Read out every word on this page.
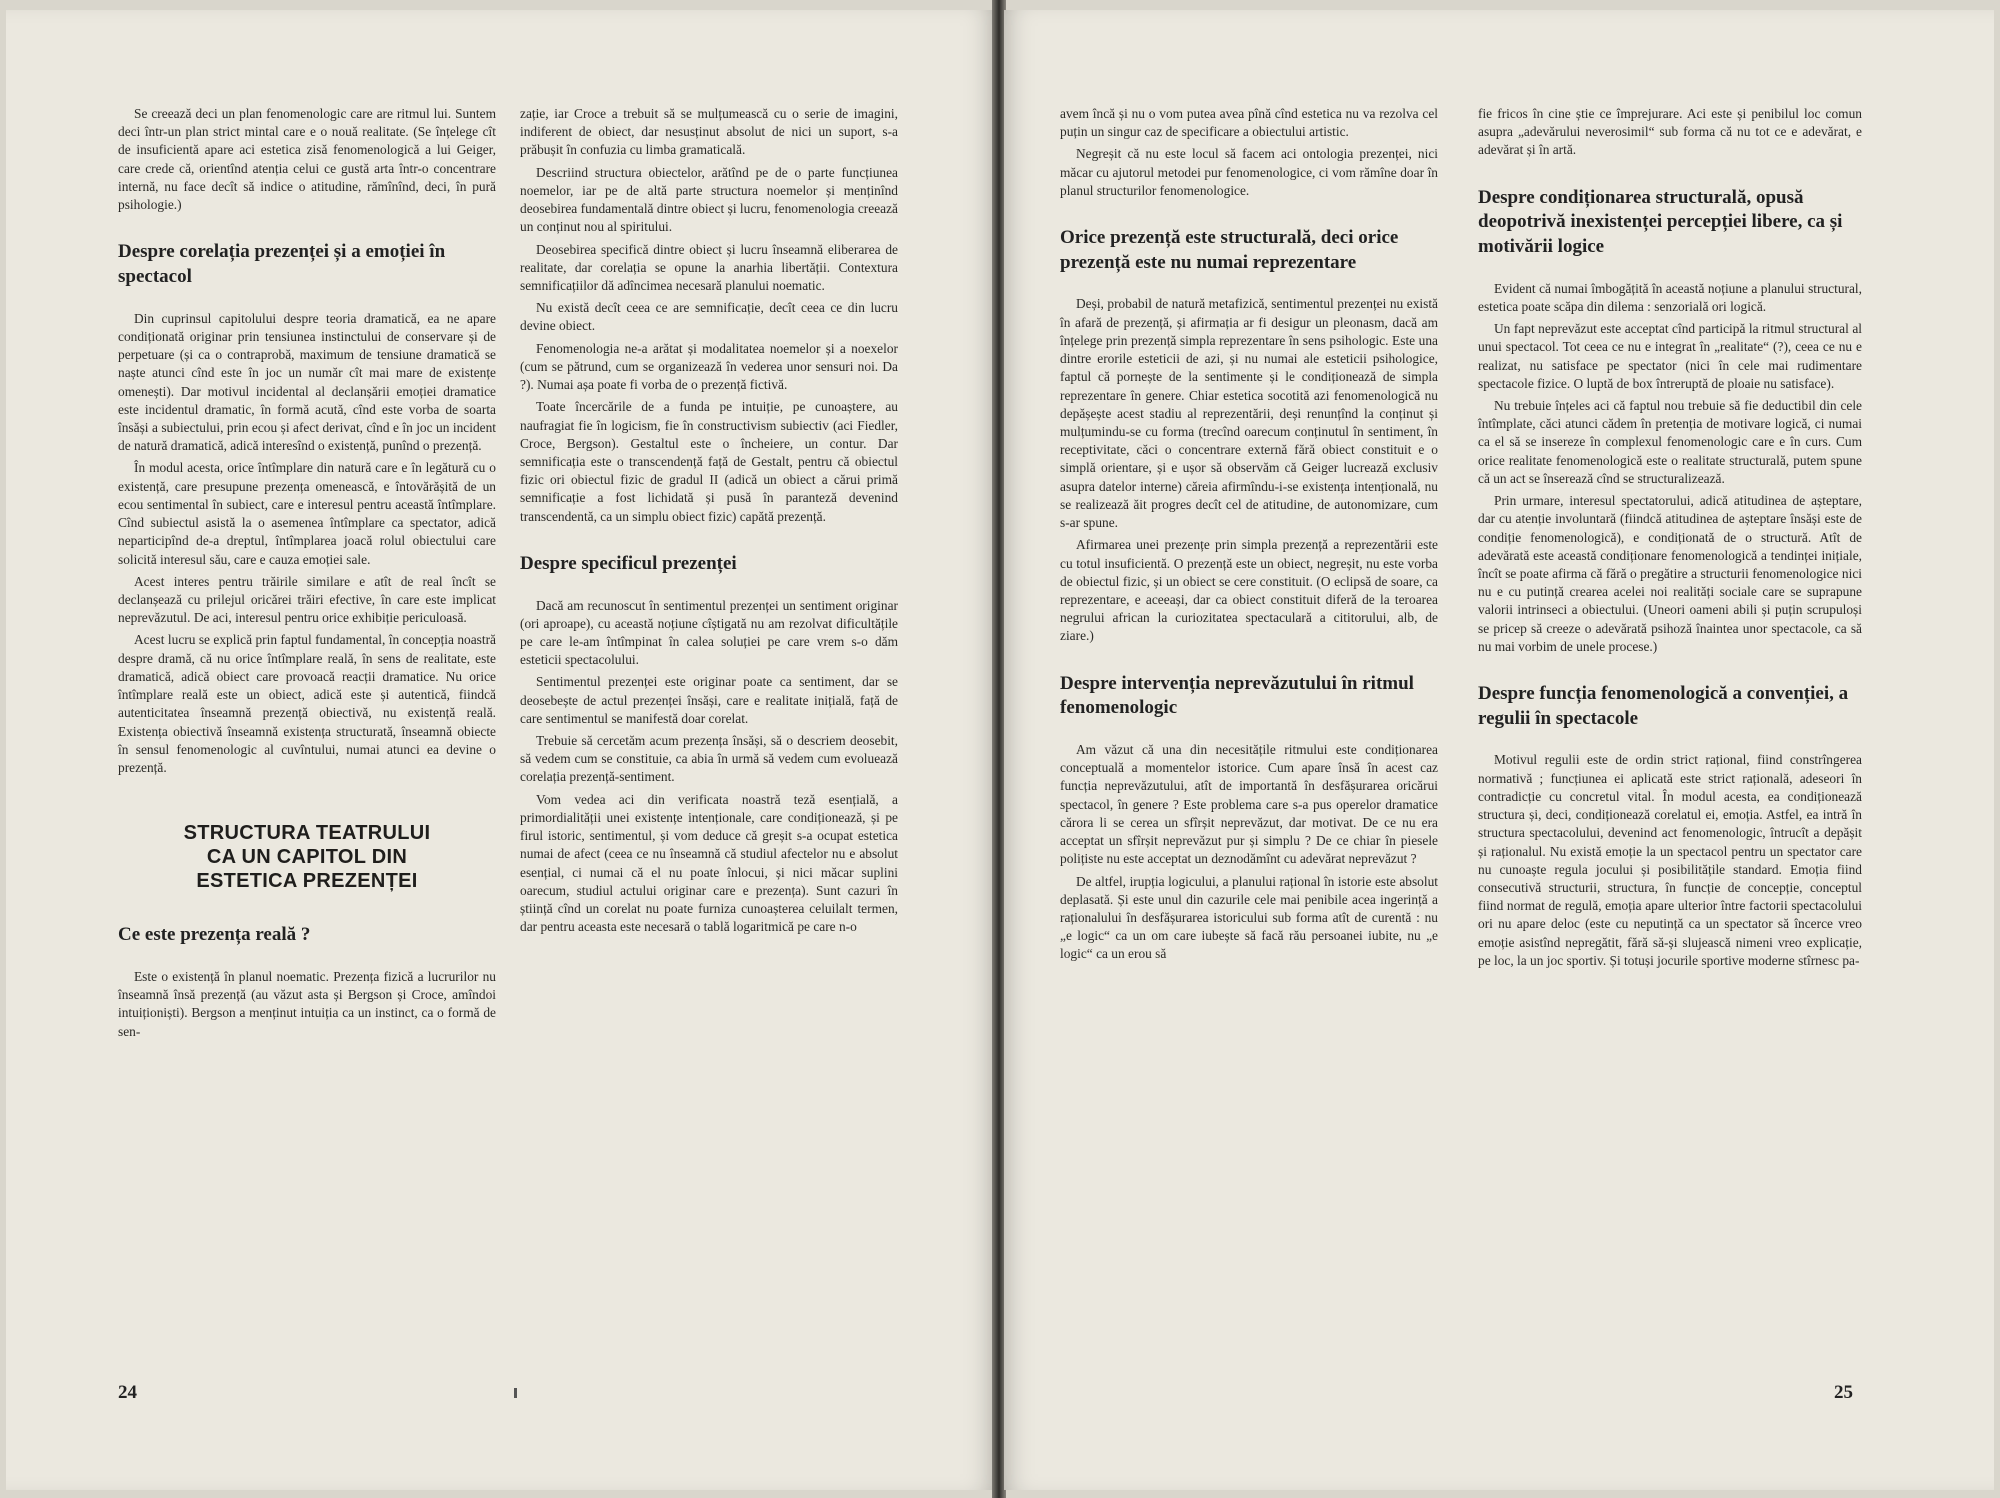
Se creează deci un plan fenomenologic care are ritmul lui. Suntem deci într-un plan strict mintal care e o nouă realitate. (Se înțelege cît de insuficientă apare aci estetica zisă fenomenologică a lui Geiger, care crede că, orientînd atenția celui ce gustă arta într-o concentrare internă, nu face decît să indice o atitudine, rămînînd, deci, în pură psihologie.)

Despre corelația prezenței și a emoției în spectacol

Din cuprinsul capitolului despre teoria dramatică, ea ne apare condiționată originar prin tensiunea instinctului de conservare și de perpetuare (și ca o contraprobă, maximum de tensiune dramatică se naște atunci cînd este în joc un număr cît mai mare de existențe omenești). Dar motivul incidental al declanșării emoției dramatice este incidentul dramatic, în formă acută, cînd este vorba de soarta însăși a subiectului, prin ecou și afect derivat, cînd e în joc un incident de natură dramatică, adică interesînd o existență, punînd o prezență.

În modul acesta, orice întîmplare din natură care e în legătură cu o existență, care presupune prezența omenească, e întovărășită de un ecou sentimental în subiect, care e interesul pentru această întîmplare. Cînd subiectul asistă la o asemenea întîmplare ca spectator, adică neparticipînd de-a dreptul, întîmplarea joacă rolul obiectului care solicită interesul său, care e cauza emoției sale.

Acest interes pentru trăirile similare e atît de real încît se declanșează cu prilejul oricărei trăiri efective, în care este implicat neprevăzutul. De aci, interesul pentru orice exhibiție periculoasă.

Acest lucru se explică prin faptul fundamental, în concepția noastră despre dramă, că nu orice întîmplare reală, în sens de realitate, este dramatică, adică obiect care provoacă reacții dramatice. Nu orice întîmplare reală este un obiect, adică este și autentică, fiindcă autenticitatea înseamnă prezență obiectivă, nu existență reală. Existența obiectivă înseamnă existența structurată, înseamnă obiecte în sensul fenomenologic al cuvîntului, numai atunci ea devine o prezență.

STRUCTURA TEATRULUI
CA UN CAPITOL DIN
ESTETICA PREZENȚEI
Ce este prezența reală ?

Este o existență în planul noematic. Prezența fizică a lucrurilor nu înseamnă însă prezență (au văzut asta și Bergson și Croce, amîndoi intuiționiști). Bergson a menținut intuiția ca un instinct, ca o formă de sen-

zație, iar Croce a trebuit să se mulțumească cu o serie de imagini, indiferent de obiect, dar nesusținut absolut de nici un suport, s-a prăbușit în confuzia cu limba gramaticală.

Descriind structura obiectelor, arătînd pe de o parte funcțiunea noemelor, iar pe de altă parte structura noemelor și menținînd deosebirea fundamentală dintre obiect și lucru, fenomenologia creează un conținut nou al spiritului.

Deosebirea specifică dintre obiect și lucru înseamnă eliberarea de realitate, dar corelația se opune la anarhia libertății. Contextura semnificațiilor dă adîncimea necesară planului noematic.

Nu există decît ceea ce are semnificație, decît ceea ce din lucru devine obiect.

Fenomenologia ne-a arătat și modalitatea noemelor și a noexelor (cum se pătrund, cum se organizează în vederea unor sensuri noi. Da ?). Numai așa poate fi vorba de o prezență fictivă.

Toate încercările de a funda pe intuiție, pe cunoaștere, au naufragiat fie în logicism, fie în constructivism subiectiv (aci Fiedler, Croce, Bergson). Gestaltul este o încheiere, un contur. Dar semnificația este o transcendență față de Gestalt, pentru că obiectul fizic ori obiectul fizic de gradul II (adică un obiect a cărui primă semnificație a fost lichidată și pusă în paranteză devenind transcendentă, ca un simplu obiect fizic) capătă prezență.

Despre specificul prezenței

Dacă am recunoscut în sentimentul prezenței un sentiment originar (ori aproape), cu această noțiune cîștigată nu am rezolvat dificultățile pe care le-am întîmpinat în calea soluției pe care vrem s-o dăm esteticii spectacolului.

Sentimentul prezenței este originar poate ca sentiment, dar se deosebește de actul prezenței însăși, care e realitate inițială, față de care sentimentul se manifestă doar corelat.

Trebuie să cercetăm acum prezența însăși, să o descriem deosebit, să vedem cum se constituie, ca abia în urmă să vedem cum evoluează corelația prezență-sentiment.

Vom vedea aci din verificata noastră teză esențială, a primordialității unei existențe intenționale, care condiționează, și pe firul istoric, sentimentul, și vom deduce că greșit s-a ocupat estetica numai de afect (ceea ce nu înseamnă că studiul afectelor nu e absolut esențial, ci numai că el nu poate înlocui, și nici măcar suplini oarecum, studiul actului originar care e prezența). Sunt cazuri în știință cînd un corelat nu poate furniza cunoașterea celuilalt termen, dar pentru aceasta este necesară o tablă logaritmică pe care n-o

24

avem încă și nu o vom putea avea pînă cînd estetica nu va rezolva cel puțin un singur caz de specificare a obiectului artistic.

Negreșit că nu este locul să facem aci ontologia prezenței, nici măcar cu ajutorul metodei pur fenomenologice, ci vom rămîne doar în planul structurilor fenomenologice.

Orice prezență este structurală, deci orice prezență este nu numai reprezentare

Deși, probabil de natură metafizică, sentimentul prezenței nu există în afară de prezență, și afirmația ar fi desigur un pleonasm, dacă am înțelege prin prezență simpla reprezentare în sens psihologic. Este una dintre erorile esteticii de azi, și nu numai ale esteticii psihologice, faptul că pornește de la sentimente și le condiționează de simpla reprezentare în genere. Chiar estetica socotită azi fenomenologică nu depășește acest stadiu al reprezentării, deși renunțînd la conținut și mulțumindu-se cu forma (trecînd oarecum conținutul în sentiment, în receptivitate, căci o concentrare externă fără obiect constituit e o simplă orientare, și e ușor să observăm că Geiger lucrează exclusiv asupra datelor interne) căreia afirmîndu-i-se existența intențională, nu se realizează ăit progres decît cel de atitudine, de autonomizare, cum s-ar spune.

Afirmarea unei prezențe prin simpla prezență a reprezentării este cu totul insuficientă. O prezență este un obiect, negreșit, nu este vorba de obiectul fizic, și un obiect se cere constituit. (O eclipsă de soare, ca reprezentare, e aceeași, dar ca obiect constituit diferă de la teroarea negrului african la curiozitatea spectaculară a cititorului, alb, de ziare.)

Despre intervenția neprevăzutului în ritmul fenomenologic

Am văzut că una din necesitățile ritmului este condiționarea conceptuală a momentelor istorice. Cum apare însă în acest caz funcția neprevăzutului, atît de importantă în desfășurarea oricărui spectacol, în genere ? Este problema care s-a pus operelor dramatice cărora li se cerea un sfîrșit neprevăzut, dar motivat. De ce nu era acceptat un sfîrșit neprevăzut pur și simplu ? De ce chiar în piesele polițiste nu este acceptat un deznodămînt cu adevărat neprevăzut ?

De altfel, irupția logicului, a planului rațional în istorie este absolut deplasată. Și este unul din cazurile cele mai penibile acea ingerință a raționalului în desfășurarea istoricului sub forma atît de curentă : nu „e logic“ ca un om care iubește să facă rău persoanei iubite, nu „e logic“ ca un erou să

fie fricos în cine știe ce împrejurare. Aci este și penibilul loc comun asupra „adevărului neverosimil“ sub forma că nu tot ce e adevărat, e adevărat și în artă.

Despre condiționarea structurală, opusă deopotrivă inexistenței percepției libere, ca și motivării logice

Evident că numai îmbogățită în această noțiune a planului structural, estetica poate scăpa din dilema : senzorială ori logică.

Un fapt neprevăzut este acceptat cînd participă la ritmul structural al unui spectacol. Tot ceea ce nu e integrat în „realitate“ (?), ceea ce nu e realizat, nu satisface pe spectator (nici în cele mai rudimentare spectacole fizice. O luptă de box întreruptă de ploaie nu satisface).

Nu trebuie înțeles aci că faptul nou trebuie să fie deductibil din cele întîmplate, căci atunci cădem în pretenția de motivare logică, ci numai ca el să se insereze în complexul fenomenologic care e în curs. Cum orice realitate fenomenologică este o realitate structurală, putem spune că un act se înserează cînd se structuralizează.

Prin urmare, interesul spectatorului, adică atitudinea de așteptare, dar cu atenție involuntară (fiindcă atitudinea de așteptare însăși este de condiție fenomenologică), e condiționată de o structură. Atît de adevărată este această condiționare fenomenologică a tendinței inițiale, încît se poate afirma că fără o pregătire a structurii fenomenologice nici nu e cu putință crearea acelei noi realități sociale care se suprapune valorii intrinseci a obiectului. (Uneori oameni abili și puțin scrupuloși se pricep să creeze o adevărată psihoză înaintea unor spectacole, ca să nu mai vorbim de unele procese.)

Despre funcția fenomenologică a convenției, a regulii în spectacole

Motivul regulii este de ordin strict rațional, fiind constrîngerea normativă ; funcțiunea ei aplicată este strict rațională, adeseori în contradicție cu concretul vital. În modul acesta, ea condiționează structura și, deci, condiționează corelatul ei, emoția. Astfel, ea intră în structura spectacolului, devenind act fenomenologic, întrucît a depășit și raționalul. Nu există emoție la un spectacol pentru un spectator care nu cunoaște regula jocului și posibilitățile standard. Emoția fiind consecutivă structurii, structura, în funcție de concepție, conceptul fiind normat de regulă, emoția apare ulterior între factorii spectacolului ori nu apare deloc (este cu neputință ca un spectator să încerce vreo emoție asistînd nepregătit, fără să-și slujească nimeni vreo explicație, pe loc, la un joc sportiv. Și totuși jocurile sportive moderne stîrnesc pa-

25
